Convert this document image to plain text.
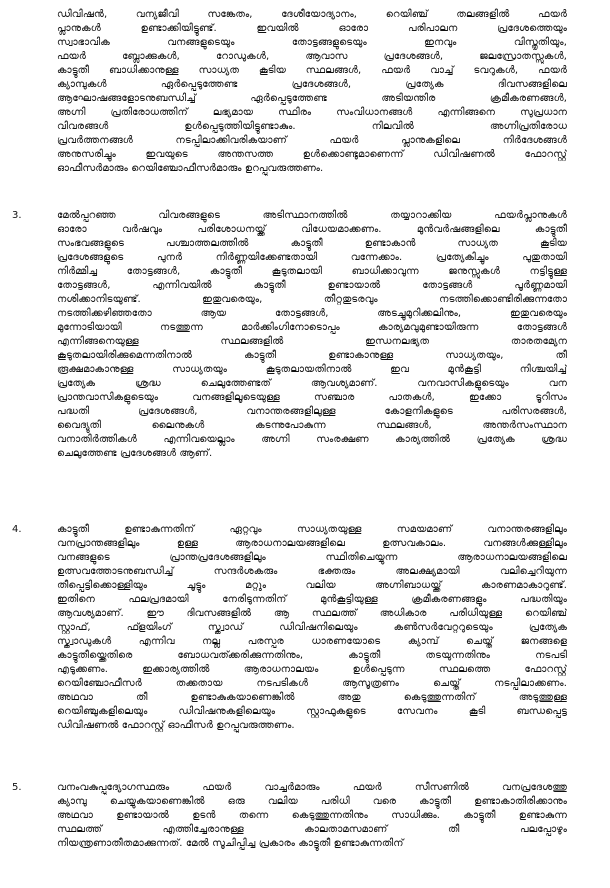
ഡിവിഷൻ, വന്യജീവി സങ്കേതം, ദേശീയോദ്യാനം, റെയിഞ്ച് തലങ്ങളിൽ ഫയർ
പ്ലാനുകൾ ഉണ്ടാക്കിയിട്ടുണ്ട്. ഇവയിൽ ഓരോ പരിപാലന പ്രദേശത്തെയും
സ്വാഭാവിക വനങ്ങളുടെയും തോട്ടങ്ങളുടെയും ഇനവും വിസ്തൃതിയും,
ഫയർ ബ്ലോക്കുകൾ, റോഡുകൾ, ആവാസ പ്രദേശങ്ങൾ, ജലസ്രോതസ്സുകൾ,
കാട്ടുതീ ബാധിക്കാനുള്ള സാധ്യത കൂടിയ സ്ഥലങ്ങൾ, ഫയർ വാച്ച് ടവറുകൾ, ഫയർ
ക്യാമ്പുകൾ ഏർപ്പെടുത്തേണ്ട പ്രദേശങ്ങൾ, പ്രത്യേക ദിവസങ്ങളിലെ
ആഘോഷങ്ങളോടനുബന്ധിച്ച് ഏർപ്പെടുത്തേണ്ട അടിയന്തിര ക്രമീകരണങ്ങൾ,
അഗ്നി പ്രതിരോധത്തിന് ലഭ്യമായ സ്ഥിരം സംവിധാനങ്ങൾ എന്നിങ്ങനെ സുപ്രധാന
വിവരങ്ങൾ ഉൾപ്പെടുത്തിയിട്ടുണ്ടാകും. നിലവിൽ അഗ്നിപ്രതിരോധ
പ്രവർത്തനങ്ങൾ നടപ്പിലാക്കിവരികയാണ് ഫയർ പ്ലാനുകളിലെ നിർദേശങ്ങൾ
അനുസരിച്ചും ഇവയുടെ അന്തസത്ത ഉൾക്കൊണ്ടുമാണെന്ന് ഡിവിഷണൽ ഫോറസ്റ്റ്
ഓഫീസർമാരും റെയിഞ്ചോഫീസർമാരും ഉറപ്പുവരുത്തണം.
3.	മേൽപ്പറഞ്ഞ വിവരങ്ങളുടെ അടിസ്ഥാനത്തിൽ തയ്യാറാക്കിയ ഫയർപ്ലാനുകൾ
ഓരോ വർഷവും പരിശോധനയ്ക്ക് വിധേയമാക്കണം. മുൻവർഷങ്ങളിലെ കാട്ടുതീ
സംഭവങ്ങളുടെ പശ്ചാത്തലത്തിൽ കാട്ടുതീ ഉണ്ടാകാൻ സാധ്യത കൂടിയ
പ്രദേശങ്ങളുടെ പുനർ നിർണ്ണയിക്കേണ്ടതായി വന്നേക്കാം. പ്രത്യേകിച്ചും പുതുതായി
നിർമ്മിച്ച തോട്ടങ്ങൾ, കാട്ടുതീ കൂടുതലായി ബാധിക്കാവുന്ന ജനുസ്സുകൾ നട്ടിട്ടുള്ള
തോട്ടങ്ങൾ, എന്നിവയിൽ കാട്ടുതീ ഉണ്ടായാൽ തോട്ടങ്ങൾ പൂർണ്ണമായി
നശിക്കാനിടയുണ്ട്. ഇതുവരെയും, തീറ്റതുടരവും നടത്തിക്കൊണ്ടിരിക്കുന്നതോ
നടത്തിക്കഴിഞ്ഞതോ ആയ തോട്ടങ്ങൾ, അടച്ചുമുറിക്കലിനും, ഇതുവരെയും
മുന്നോടിയായി നടത്തുന്ന മാർക്കിംഗിനോടൊപ്പം കാര്യമവുമുണ്ടായിരുന്ന തോട്ടങ്ങൾ
എന്നിങ്ങനെയുള്ള സ്ഥലങ്ങളിൽ ഇന്ധനലഭ്യത താരതമ്യേന
കൂടുതലായിരിക്കുമെന്നതിനാൽ കാട്ടുതീ ഉണ്ടാകാനുള്ള സാധ്യതയും, തീ
രൂക്ഷമാകാനുള്ള സാധ്യതയും കൂടുതലായതിനാൽ ഇവ മുൻകൂട്ടി നിശ്ചയിച്ച്
പ്രത്യേക ശ്രദ്ധ ചെലുത്തേണ്ടത് ആവശ്യമാണ്. വനവാസികളുടെയും വന
പ്രാന്തവാസികളുടെയും വനങ്ങളിലൂടെയുള്ള സഞ്ചാര പാതകൾ, ഇക്കോ ടൂറിസം
പദ്ധതി പ്രദേശങ്ങൾ, വനാന്തരങ്ങളിലുള്ള കോളനികളുടെ പരിസരങ്ങൾ,
വൈദ്യുതി ലൈനുകൾ കടന്നുപോകുന്ന സ്ഥലങ്ങൾ, അന്തർസംസ്ഥാന
വനാതിർത്തികൾ എന്നിവയെല്ലാം അഗ്നി സംരക്ഷണ കാര്യത്തിൽ പ്രത്യേക ശ്രദ്ധ
ചെലുത്തേണ്ട പ്രദേശങ്ങൾ ആണ്.
4.	കാട്ടുതീ ഉണ്ടാകുന്നതിന് ഏറ്റവും സാധ്യതയുള്ള സമയമാണ് വനാന്തരങ്ങളിലും
വനപ്രാന്തങ്ങളിലും ഉള്ള ആരാധനാലയങ്ങളിലെ ഉത്സവകാലം. വനങ്ങൾക്കുള്ളിലും
വനങ്ങളുടെ പ്രാന്തപ്രദേശങ്ങളിലും സ്ഥിതിചെയ്യുന്ന ആരാധനാലയങ്ങളിലെ
ഉത്സവത്തോടനുബന്ധിച്ച് സന്ദർശകരും ഭക്തരും അലക്ഷ്യമായി വലിച്ചെറിയുന്ന
തീപ്പെട്ടിക്കൊള്ളിയും ചൂട്ടും മറ്റും വലിയ അഗ്നിബാധയ്ക്ക് കാരണമാകാറുണ്ട്.
ഇതിനെ ഫലപ്രദമായി നേരിടുന്നതിന് മുൻകൂട്ടിയുള്ള ക്രമീകരണങ്ങളും പദ്ധതിയും
ആവശ്യമാണ്. ഈ ദിവസങ്ങളിൽ ആ സ്ഥലത്ത് അധികാര പരിധിയുള്ള റെയിഞ്ച്
സ്റ്റാഫ്, ഫ്ളയിംഗ് സ്ക്വാഡ് ഡിവിഷനിലെയും കൺസർവേറ്ററുടെയും പ്രത്യേക
സ്ക്വാഡുകൾ എന്നിവ നല്ല പരസ്പര ധാരണയോടെ ക്യാമ്പ് ചെയ്ത് ജനങ്ങളെ
കാട്ടുതീയ്ക്കെതിരെ ബോധവത്ക്കരിക്കുന്നതിനും, കാട്ടുതീ തടയുന്നതിനും നടപടി
എടുക്കണം. ഇക്കാര്യത്തിൽ ആരാധനാലയം ഉൾപ്പെടുന്ന സ്ഥലത്തെ ഫോറസ്റ്റ്
റെയിഞ്ചോഫീസർ തക്കതായ നടപടികൾ ആസൂത്രണം ചെയ്ത് നടപ്പിലാക്കണം.
അഥവാ തീ ഉണ്ടാകുകയാണെങ്കിൽ അതു കെടുത്തുന്നതിന് അടുത്തുള്ള
റെയിഞ്ചുകളിലെയും ഡിവിഷനുകളിലെയും സ്റ്റാഫുകളുടെ സേവനം കൂടി ബന്ധപ്പെട്ട
ഡിവിഷണൽ ഫോറസ്റ്റ് ഓഫീസർ ഉറപ്പുവരുത്തണം.
5.	വനംവകുപ്പുദ്യോഗസ്ഥരും ഫയർ വാച്ചർമാരും ഫയർ സീസണിൽ വനപ്രദേശത്തു
ക്യാമ്പു ചെയ്യുകയാണെങ്കിൽ ഒരു വലിയ പരിധി വരെ കാട്ടുതീ ഉണ്ടാകാതിരിക്കാനും
അഥവാ ഉണ്ടായാൽ ഉടൻ തന്നെ കെടുത്തുന്നതിനും സാധിക്കും. കാട്ടുതീ ഉണ്ടാകുന്ന
സ്ഥലത്ത് എത്തിച്ചേരാനുള്ള കാലതാമസമാണ് തീ പലപ്പോഴും
നിയന്ത്രണാതീതമാക്കുന്നത്. മേൽ സൂചിപ്പിച്ച പ്രകാരം കാട്ടുതീ ഉണ്ടാകുന്നതിന്
